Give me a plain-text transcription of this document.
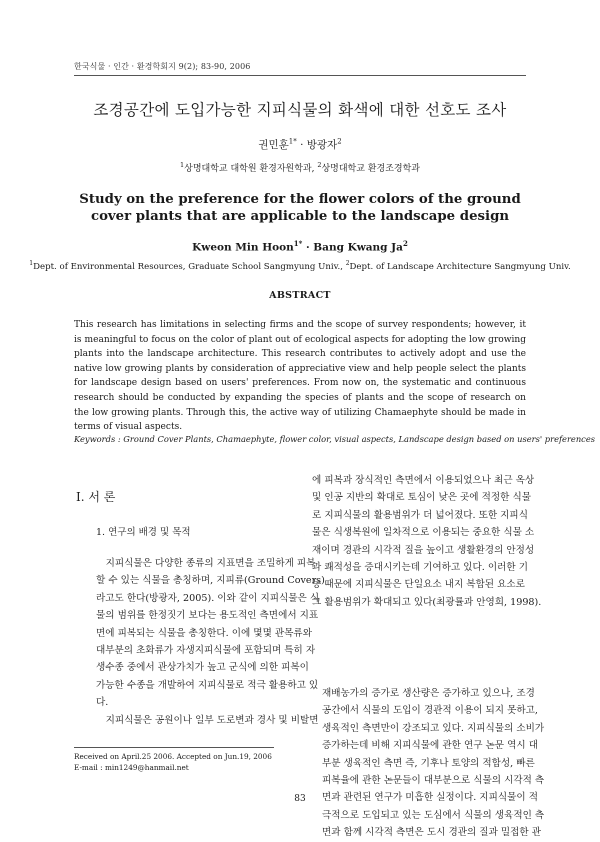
한국식물 · 인간 · 환경학회지 9(2); 83-90, 2006
조경공간에 도입가능한 지피식물의 화색에 대한 선호도 조사
권민훈$^{1*}$ · 방광자$^2$
$^1$상명대학교 대학원 환경자원학과, $^2$상명대학교 환경조경학과
Study on the preference for the flower colors of the ground cover plants that are applicable to the landscape design
Kweon Min Hoon$^{1*}$ · Bang Kwang Ja$^2$
$^1$Dept. of Environmental Resources, Graduate School Sangmyung Univ., $^2$Dept. of Landscape Architecture Sangmyung Univ.
ABSTRACT
This research has limitations in selecting firms and the scope of survey respondents; however, it is meaningful to focus on the color of plant out of ecological aspects for adopting the low growing plants into the landscape architecture. This research contributes to actively adopt and use the native low growing plants by consideration of appreciative view and help people select the plants for landscape design based on users' preferences. From now on, the systematic and continuous research should be conducted by expanding the species of plants and the scope of research on the low growing plants. Through this, the active way of utilizing Chamaephyte should be made in terms of visual aspects.
Keywords : Ground Cover Plants, Chamaephyte, flower color, visual aspects, Landscape design based on users' preferences
Ⅰ. 서 론
1. 연구의 배경 및 목적
　지피식물은 다양한 종류의 지표면을 조밀하게 피복
할 수 있는 식물을 총칭하며, 지피류(Ground Covers)
라고도 한다(방광자, 2005). 이와 같이 지피식물은 식
물의 범위를 한정짓기 보다는 용도적인 측면에서 지표
면에 피복되는 식물을 총칭한다. 이에 몇몇 관목류와
대부분의 초화류가 자생지피식물에 포함되며 특히 자
생수종 중에서 관상가치가 높고 군식에 의한 피복이
가능한 수종을 개발하여 지피식물로 적극 활용하고 있
다.
　지피식물은 공원이나 일부 도로변과 경사 및 비탈면
에 피복과 장식적인 측면에서 이용되었으나 최근 옥상
및 인공 지반의 확대로 토심이 낮은 곳에 적정한 식물
로 지피식물의 활용범위가 더 넓어졌다. 또한 지피식
물은 식생복원에 일차적으로 이용되는 중요한 식물 소
재이며 경관의 시각적 질을 높이고 생활환경의 안정성
과 쾌적성을 증대시키는데 기여하고 있다. 이러한 기
능 때문에 지피식물은 단일요소 내지 복합된 요소로
그 활용범위가 확대되고 있다(최광률과 안영희, 1998).
재배농가의 증가로 생산량은 증가하고 있으나, 조경
공간에서 식물의 도입이 경관적 이용이 되지 못하고,
생육적인 측면만이 강조되고 있다. 지피식물의 소비가
증가하는데 비해 지피식물에 관한 연구 논문 역시 대
부분 생육적인 측면 즉, 기후나 토양의 적합성, 빠른
피복율에 관한 논문들이 대부분으로 식물의 시각적 측
면과 관련된 연구가 미흡한 실정이다. 지피식물이 적
극적으로 도입되고 있는 도심에서 식물의 생육적인 측
면과 함께 시각적 측면은 도시 경관의 질과 밀접한 관
Received on April.25 2006. Accepted on Jun.19, 2006
E-mail : min1249@hanmail.net
83
